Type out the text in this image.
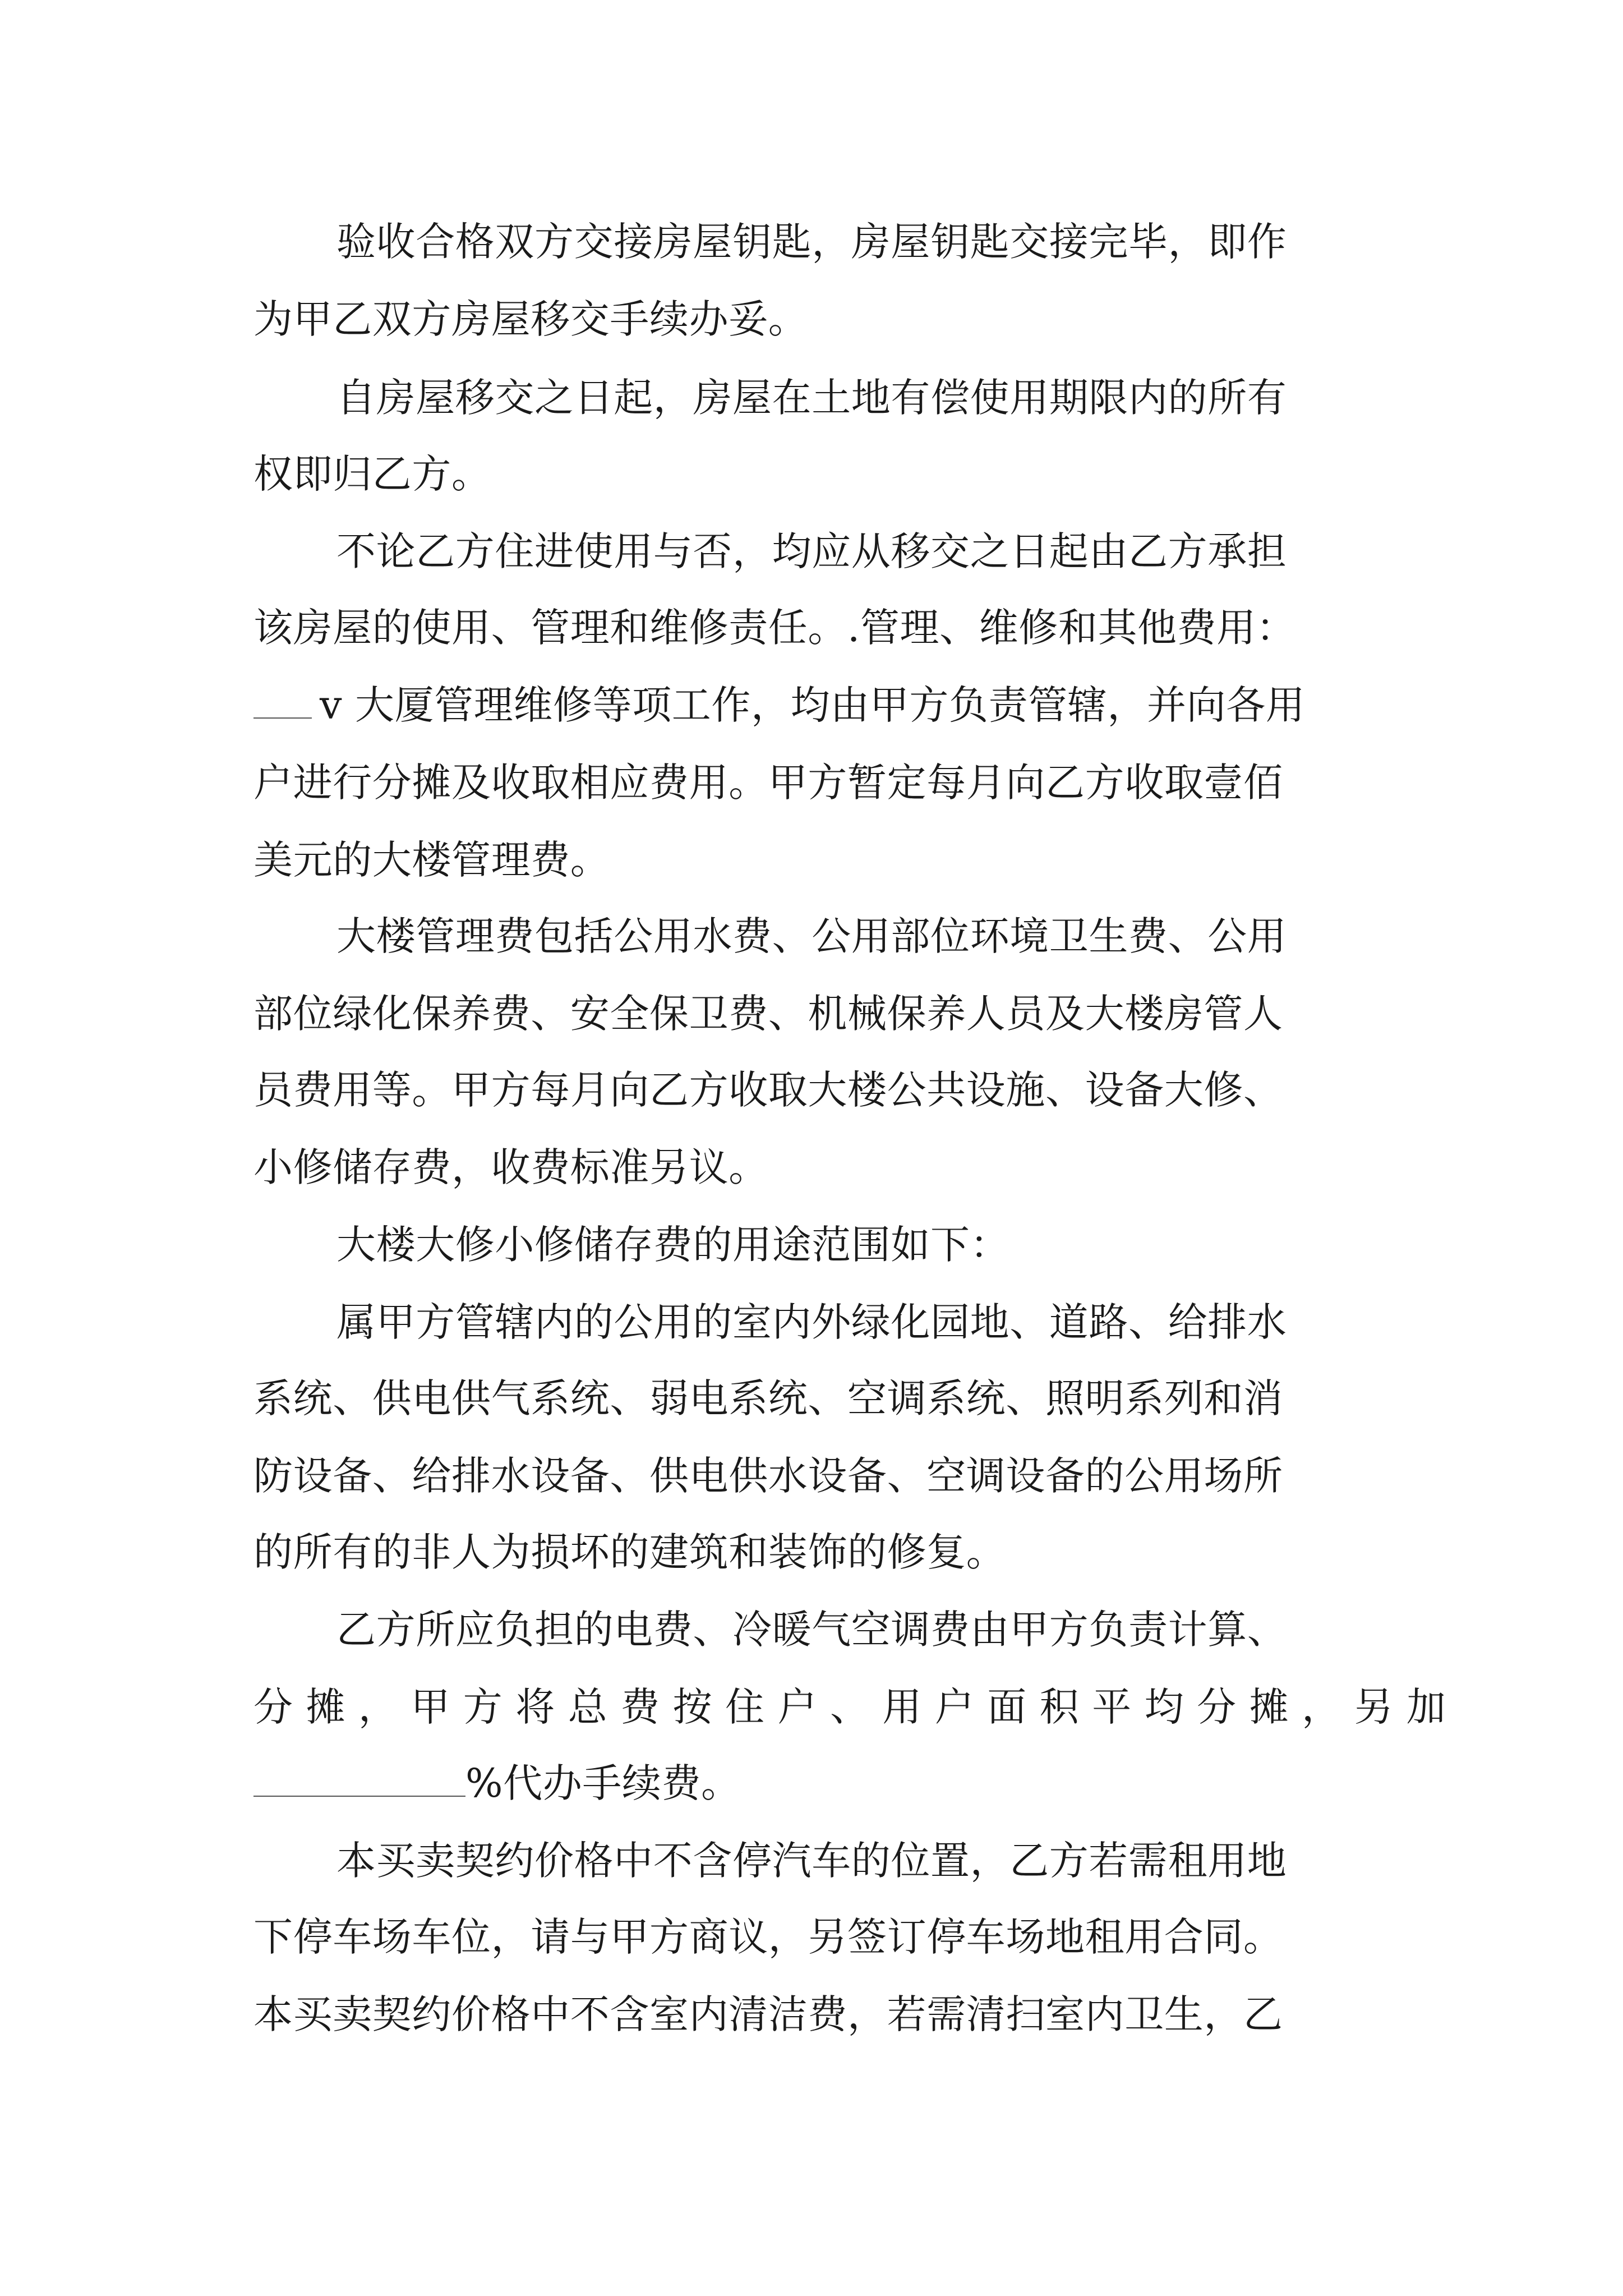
验收合格双方交接房屋钥匙，房屋钥匙交接完毕，即作

为甲乙双方房屋移交手续办妥。

自房屋移交之日起，房屋在土地有偿使用期限内的所有

权即归乙方。

不论乙方住进使用与否，均应从移交之日起由乙方承担

该房屋的使用、管理和维修责任。.管理、维修和其他费用：

v 大厦管理维修等项工作，均由甲方负责管辖，并向各用

户进行分摊及收取相应费用。甲方暂定每月向乙方收取壹佰

美元的大楼管理费。

大楼管理费包括公用水费、公用部位环境卫生费、公用

部位绿化保养费、安全保卫费、机械保养人员及大楼房管人

员费用等。甲方每月向乙方收取大楼公共设施、设备大修、

小修储存费，收费标准另议。

大楼大修小修储存费的用途范围如下：

属甲方管辖内的公用的室内外绿化园地、道路、给排水

系统、供电供气系统、弱电系统、空调系统、照明系列和消

防设备、给排水设备、供电供水设备、空调设备的公用场所

的所有的非人为损坏的建筑和装饰的修复。

乙方所应负担的电费、冷暖气空调费由甲方负责计算、

分 摊 ， 甲 方 将 总 费 按 住 户 、 用 户 面 积 平 均 分 摊 ， 另 加

%代办手续费。

本买卖契约价格中不含停汽车的位置，乙方若需租用地

下停车场车位，请与甲方商议，另签订停车场地租用合同。

本买卖契约价格中不含室内清洁费，若需清扫室内卫生，乙
